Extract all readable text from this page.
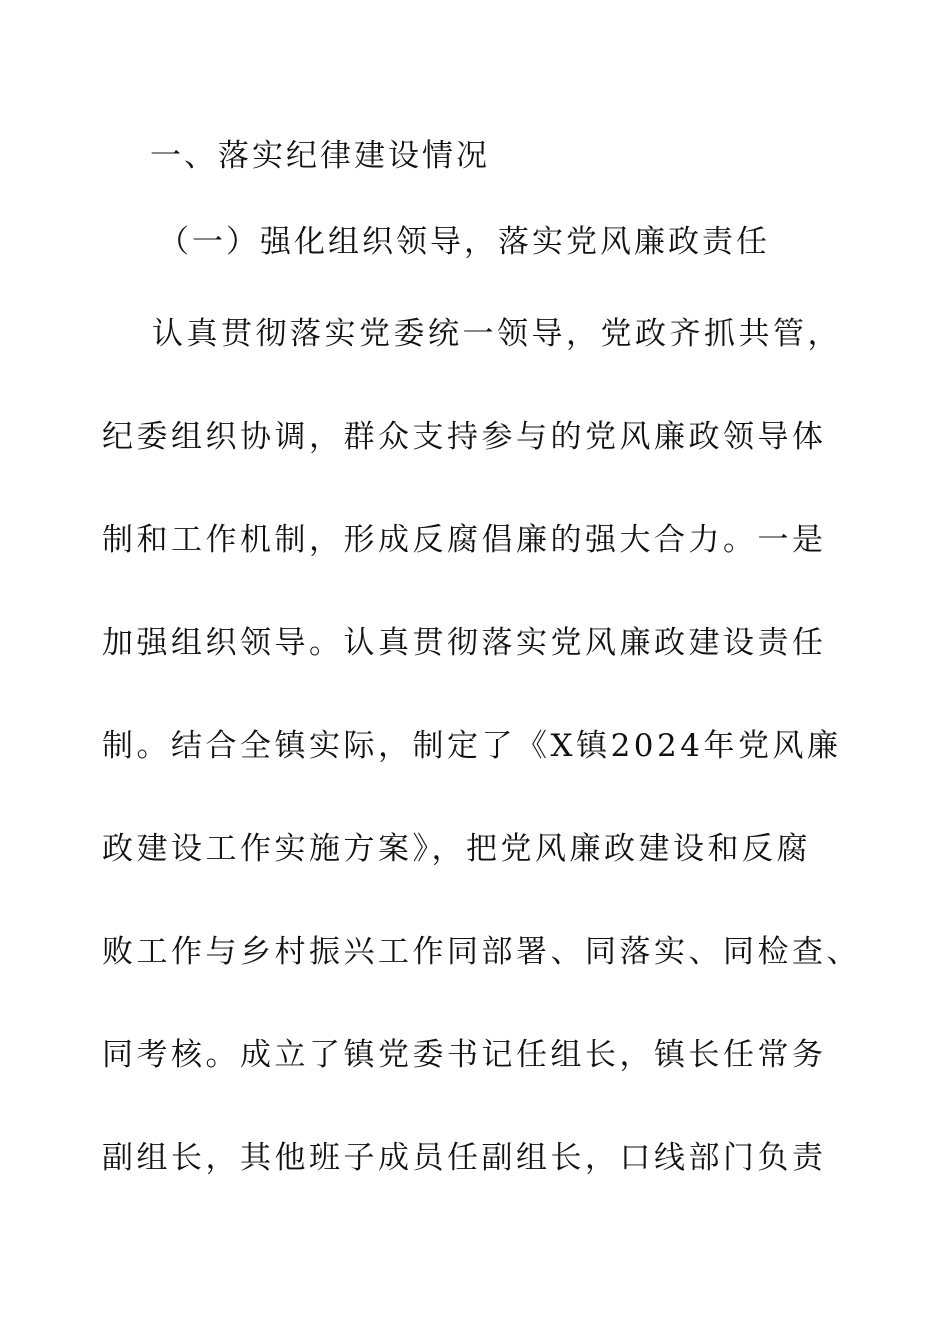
一、落实纪律建设情况
（一）强化组织领导，落实党风廉政责任
认真贯彻落实党委统一领导，党政齐抓共管，
纪委组织协调，群众支持参与的党风廉政领导体
制和工作机制，形成反腐倡廉的强大合力。一是
加强组织领导。认真贯彻落实党风廉政建设责任
制。结合全镇实际，制定了《X镇2024年党风廉
政建设工作实施方案》，把党风廉政建设和反腐
败工作与乡村振兴工作同部署、同落实、同检查、
同考核。成立了镇党委书记任组长，镇长任常务
副组长，其他班子成员任副组长，口线部门负责
